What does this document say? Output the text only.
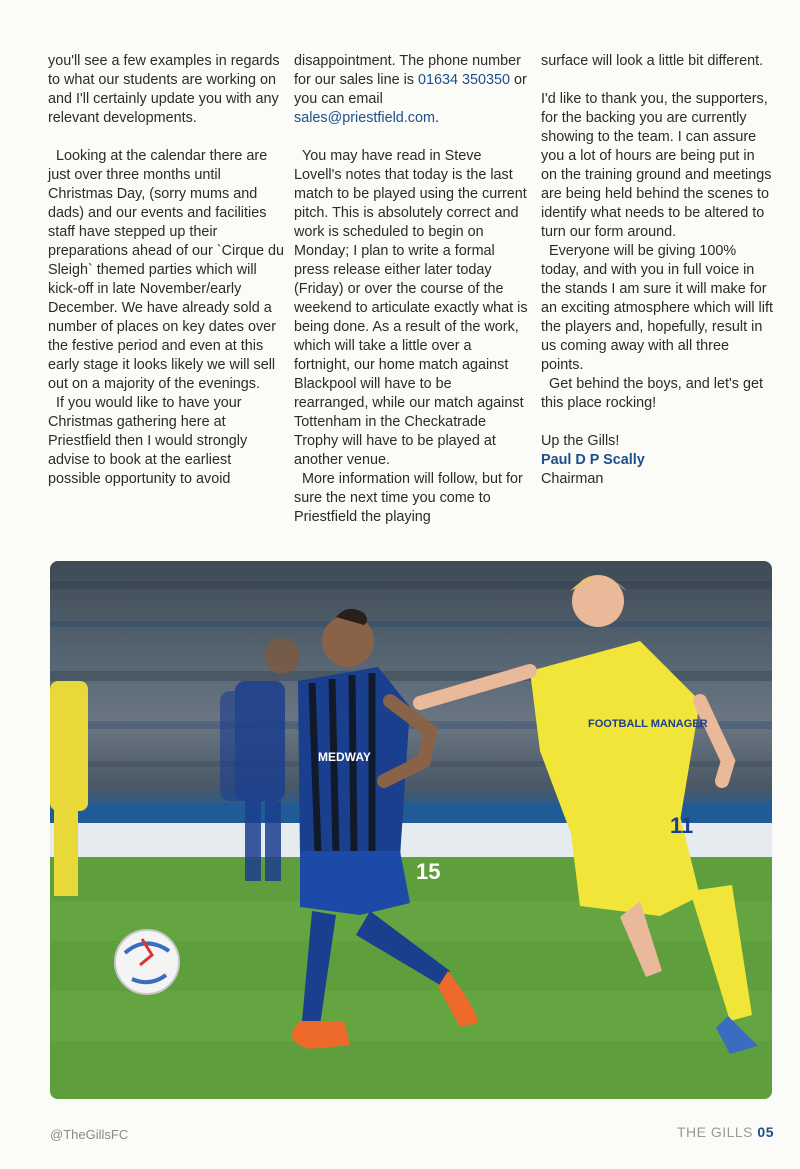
you'll see a few examples in regards to what our students are working on and I'll certainly update you with any relevant developments.

Looking at the calendar there are just over three months until Christmas Day, (sorry mums and dads) and our events and facilities staff have stepped up their preparations ahead of our `Cirque du Sleigh` themed parties which will kick-off in late November/early December. We have already sold a number of places on key dates over the festive period and even at this early stage it looks likely we will sell out on a majority of the evenings.

If you would like to have your Christmas gathering here at Priestfield then I would strongly advise to book at the earliest possible opportunity to avoid

disappointment. The phone number for our sales line is 01634 350350 or you can email sales@priestfield.com.

You may have read in Steve Lovell's notes that today is the last match to be played using the current pitch. This is absolutely correct and work is scheduled to begin on Monday; I plan to write a formal press release either later today (Friday) or over the course of the weekend to articulate exactly what is being done. As a result of the work, which will take a little over a fortnight, our home match against Blackpool will have to be rearranged, while our match against Tottenham in the Checkatrade Trophy will have to be played at another venue.

More information will follow, but for sure the next time you come to Priestfield the playing

surface will look a little bit different.

I'd like to thank you, the supporters, for the backing you are currently showing to the team. I can assure you a lot of hours are being put in on the training ground and meetings are being held behind the scenes to identify what needs to be altered to turn our form around.

Everyone will be giving 100% today, and with you in full voice in the stands I am sure it will make for an exciting atmosphere which will lift the players and, hopefully, result in us coming away with all three points.

Get behind the boys, and let's get this place rocking!

Up the Gills!

Paul D P Scally

Chairman

15
MEDWAY
FOOTBALL MANAGER
11
@TheGillsFC	THE GILLS 05
